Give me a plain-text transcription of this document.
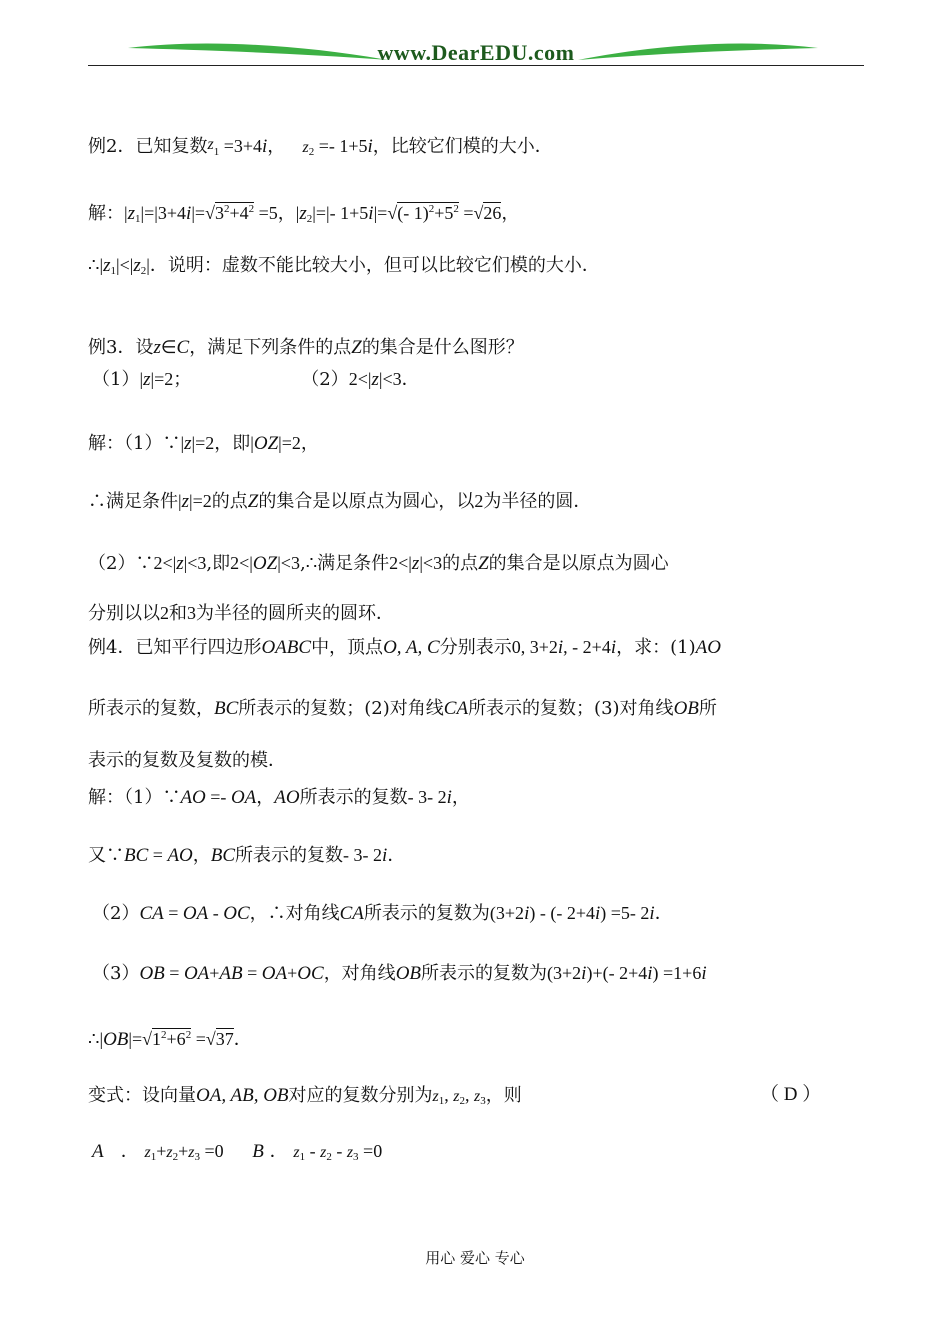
www.DearEDU.com
例2．已知复数$z_1 =3+4i$，   $z_2 =- 1+5i$，比较它们模的大小．
解：$|z_1|=|3+4i|=√3^2+4^2 =5$，$|z_2|=|-$ 1+5i|=√(- $1)^2+5^2 =√26$，
$\therefore|z_1|<|z_2|$．说明：虚数不能比较大小，但可以比较它们模的大小．
例3．设z∈C，满足下列条件的点Z的集合是什么图形？
（1）|z|=2；	（2）2<|z|<3．
解：（1）∵|z|=2，即|OZ|=2，
∴满足条件|z|=2的点Z的集合是以原点为圆心，以2为半径的圆．
（2）∵2<|z|<3,即2<|OZ|<3,∴满足条件2<|z|<3的点Z的集合是以原点为圆心
分别以以2和3为半径的圆所夹的圆环．
例4．已知平行四边形OABC中，顶点O, A, C分别表示0, 3+2i, - 2+4i，求：(1)AO
所表示的复数，BC所表示的复数；(2)对角线CA所表示的复数；(3)对角线OB所
表示的复数及复数的模．
解：（1）∵AO =- OA，AO所表示的复数- 3- 2i，
又∵BC = AO，BC所表示的复数- 3- 2i．
（2）CA = OA - OC，∴对角线CA所表示的复数为(3+2i) - (- 2+4i) =5- 2i．
（3）OB = OA+AB = OA+OC，对角线OB所表示的复数为(3+2i)+(- 2+4i) =1+6i
$\therefore|OB|=√1^2+6^2 =√37$．
变式：设向量OA, AB, OB对应的复数分别为$z_1$, $z_2$, $z_3$，则	（ D ）
A   ． $z_1+z_2+z_3 =0$ B ． $z_1 - z_2 - z_3 =0$
用心 爱心 专心
